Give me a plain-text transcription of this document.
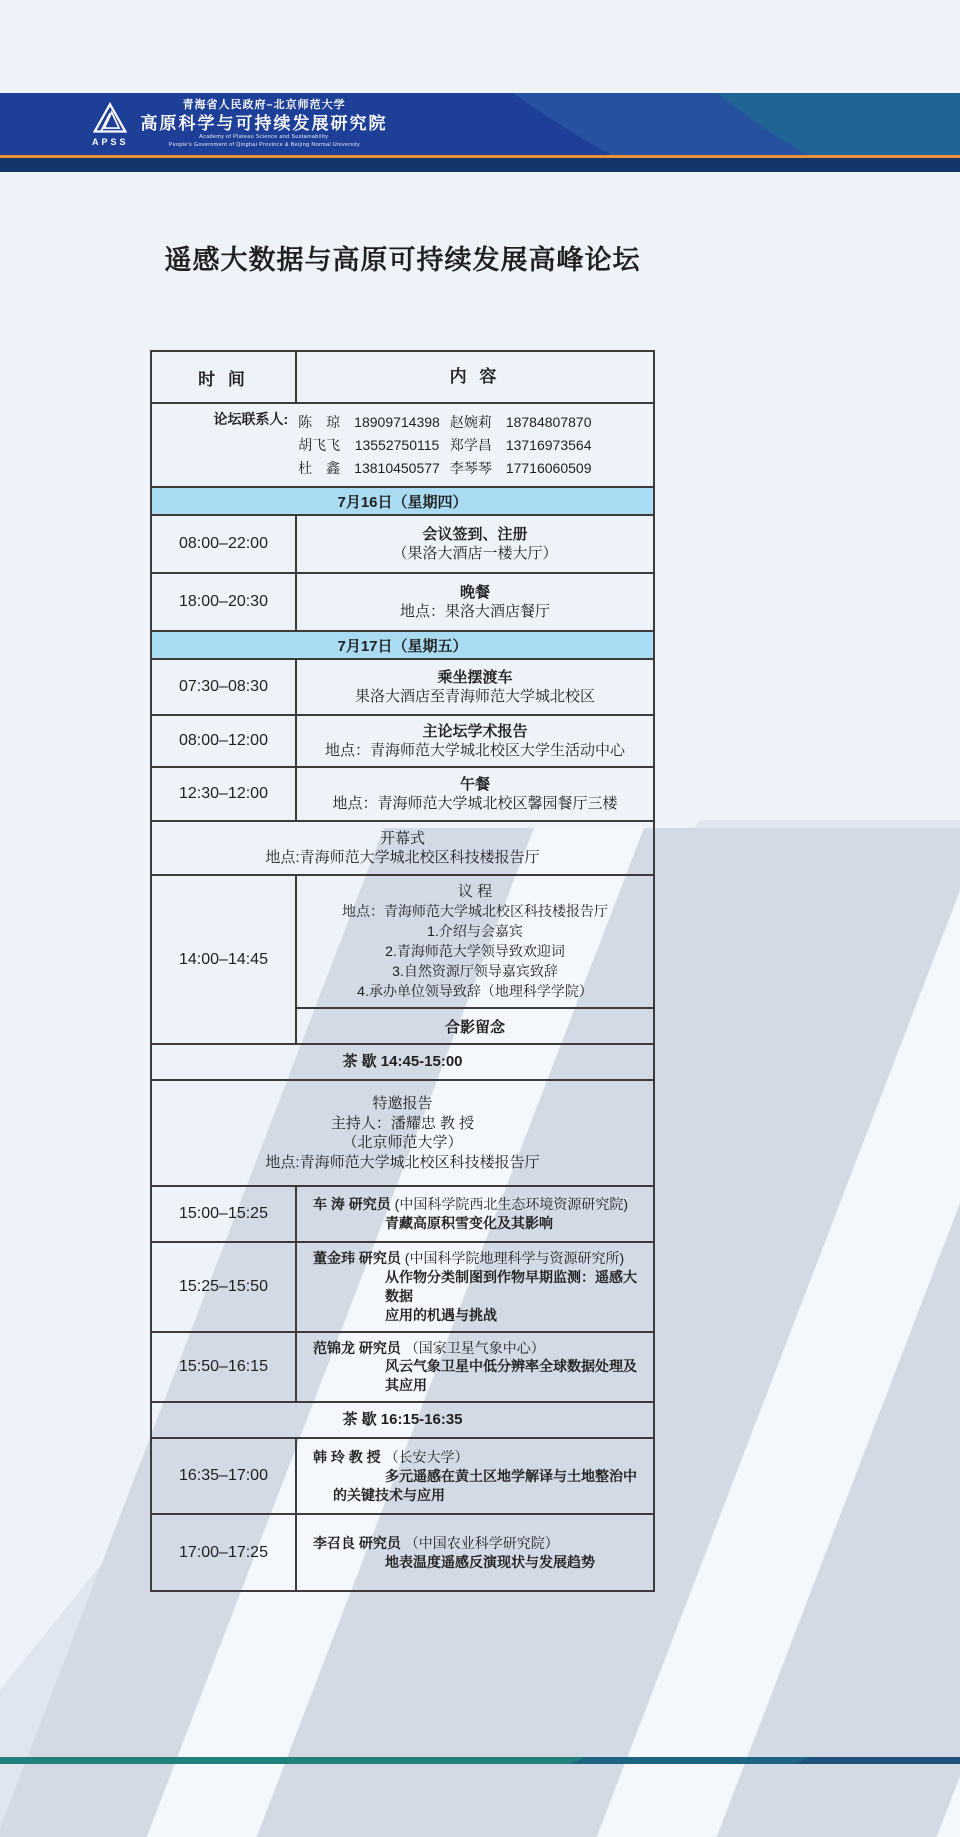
APSS
青海省人民政府–北京师范大学
高原科学与可持续发展研究院
Academy of Plateau Science and Sustainability
People's Government of Qinghai Province & Beijing Normal University
遥感大数据与高原可持续发展高峰论坛
时 间	内 容
论坛联系人: 陈　琼 18909714398
胡飞飞 13552750115
杜　鑫 13810450577
赵婉莉 18784807870
郑学昌 13716973564
李琴琴 17716060509
7月16日（星期四）
08:00–22:00
会议签到、注册
（果洛大酒店一楼大厅）
18:00–20:30
晚餐
地点：果洛大酒店餐厅
7月17日（星期五）
07:30–08:30
乘坐摆渡车
果洛大酒店至青海师范大学城北校区
08:00–12:00
主论坛学术报告
地点：青海师范大学城北校区大学生活动中心
12:30–12:00
午餐
地点：青海师范大学城北校区馨园餐厅三楼
开幕式
地点:青海师范大学城北校区科技楼报告厅
14:00–14:45
议 程
地点：青海师范大学城北校区科技楼报告厅
1.介绍与会嘉宾
2.青海师范大学领导致欢迎词
3.自然资源厅领导嘉宾致辞
4.承办单位领导致辞（地理科学学院）
合影留念
茶 歇 14:45-15:00
特邀报告
主持人：潘耀忠 教 授
（北京师范大学）
地点:青海师范大学城北校区科技楼报告厅
15:00–15:25
车 涛 研究员 (中国科学院西北生态环境资源研究院)
青藏高原积雪变化及其影响
15:25–15:50
董金玮 研究员 (中国科学院地理科学与资源研究所)
从作物分类制图到作物早期监测：遥感大数据
应用的机遇与挑战
15:50–16:15
范锦龙 研究员 （国家卫星气象中心）
风云气象卫星中低分辨率全球数据处理及其应用
茶 歇 16:15-16:35
16:35–17:00
韩 玲 教 授 （长安大学）
多元遥感在黄土区地学解译与土地整治中
的关键技术与应用
17:00–17:25
李召良 研究员 （中国农业科学研究院）
地表温度遥感反演现状与发展趋势
